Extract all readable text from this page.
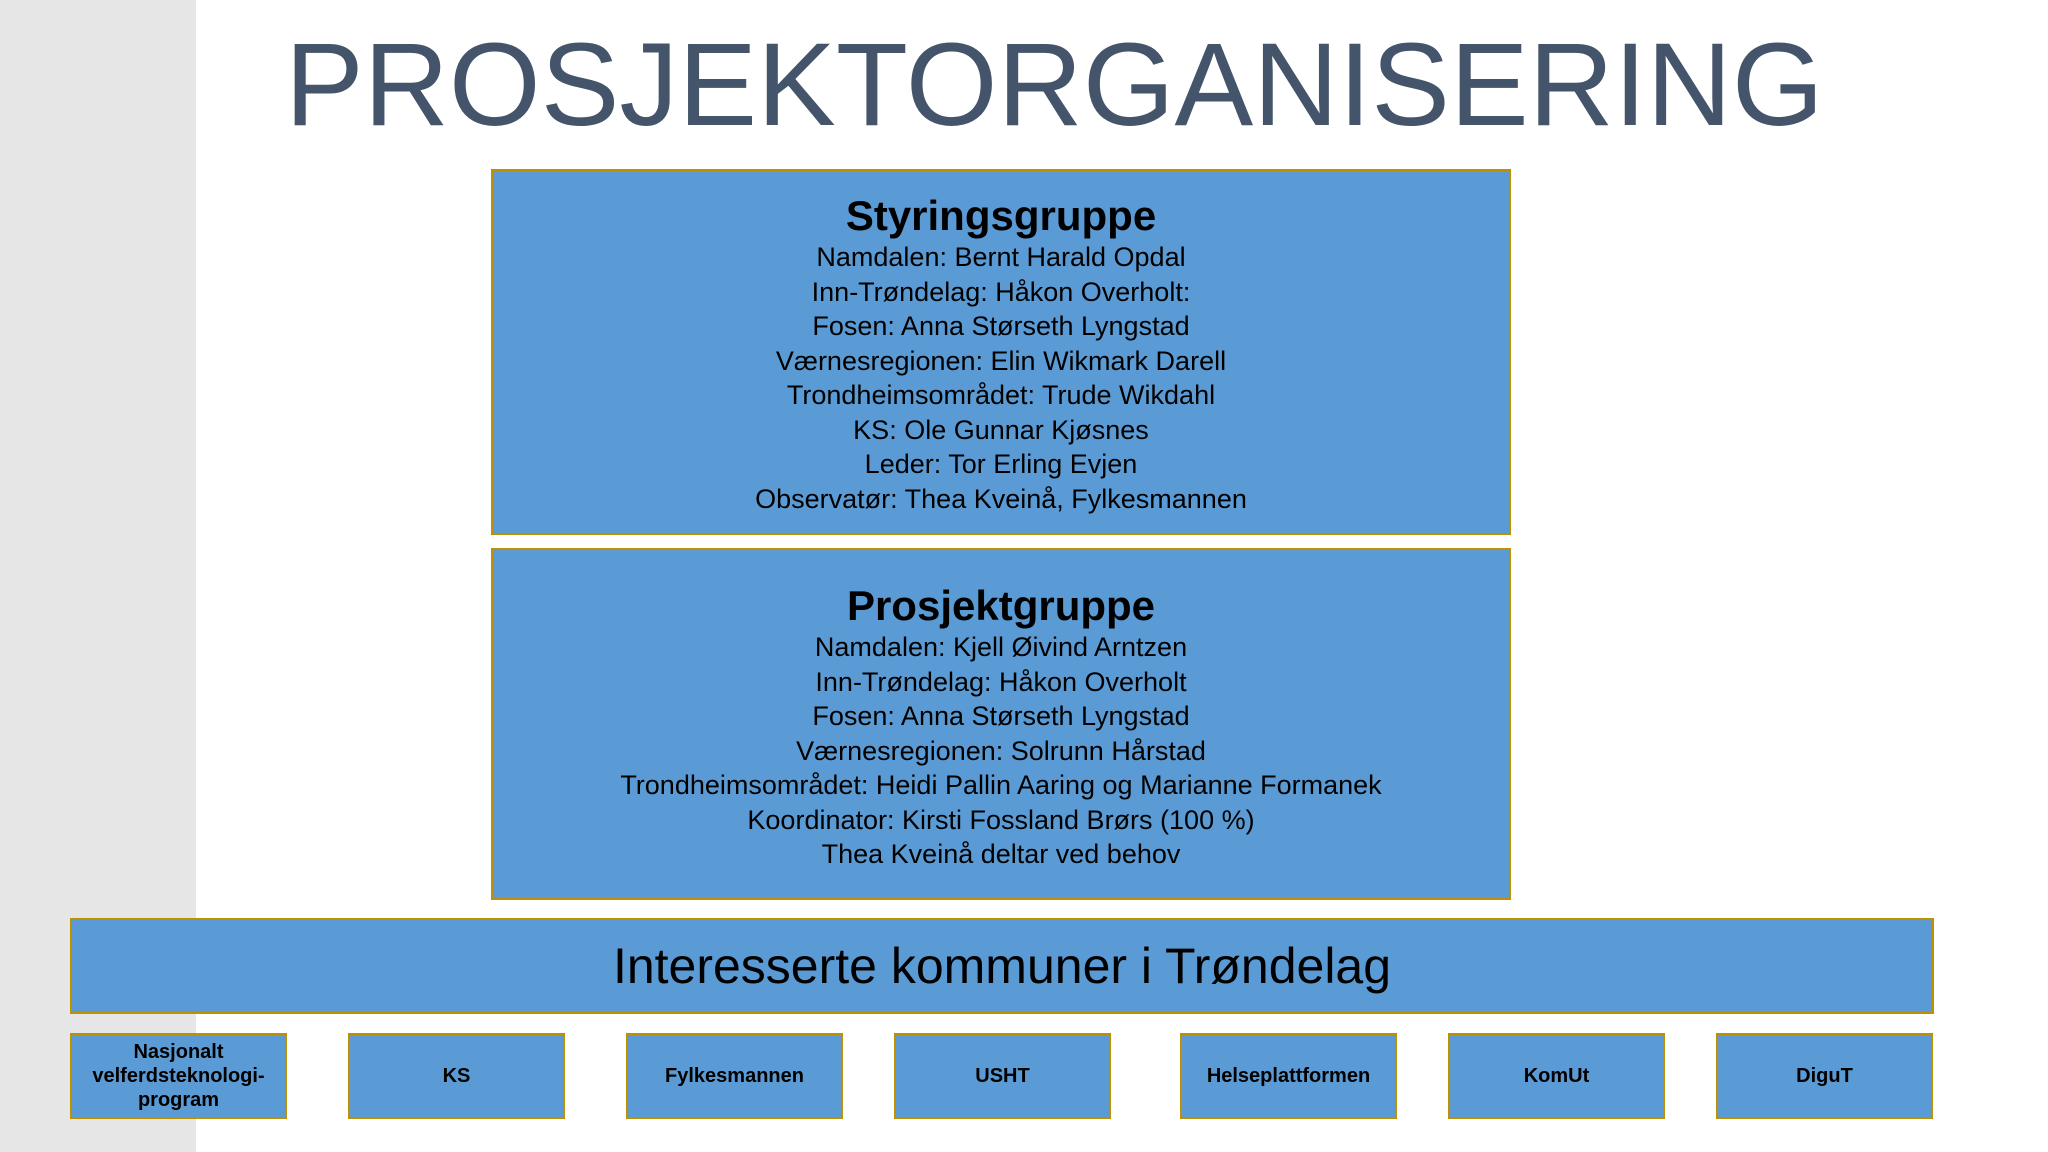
PROSJEKTORGANISERING
Styringsgruppe
Namdalen: Bernt Harald Opdal
Inn-Trøndelag: Håkon Overholt:
Fosen: Anna Størseth Lyngstad
Værnesregionen: Elin Wikmark Darell
Trondheimsområdet: Trude Wikdahl
KS: Ole Gunnar Kjøsnes
Leder: Tor Erling Evjen
Observatør: Thea Kveinå, Fylkesmannen
Prosjektgruppe
Namdalen: Kjell Øivind Arntzen
Inn-Trøndelag: Håkon Overholt
Fosen: Anna Størseth Lyngstad
Værnesregionen: Solrunn Hårstad
Trondheimsområdet: Heidi Pallin Aaring og Marianne Formanek
Koordinator: Kirsti Fossland Brørs (100 %)
Thea Kveinå deltar ved behov
Interesserte kommuner i Trøndelag
Nasjonalt velferdsteknologi-program
KS	Fylkesmannen	USHT	Helseplattformen	KomUt	DiguT
